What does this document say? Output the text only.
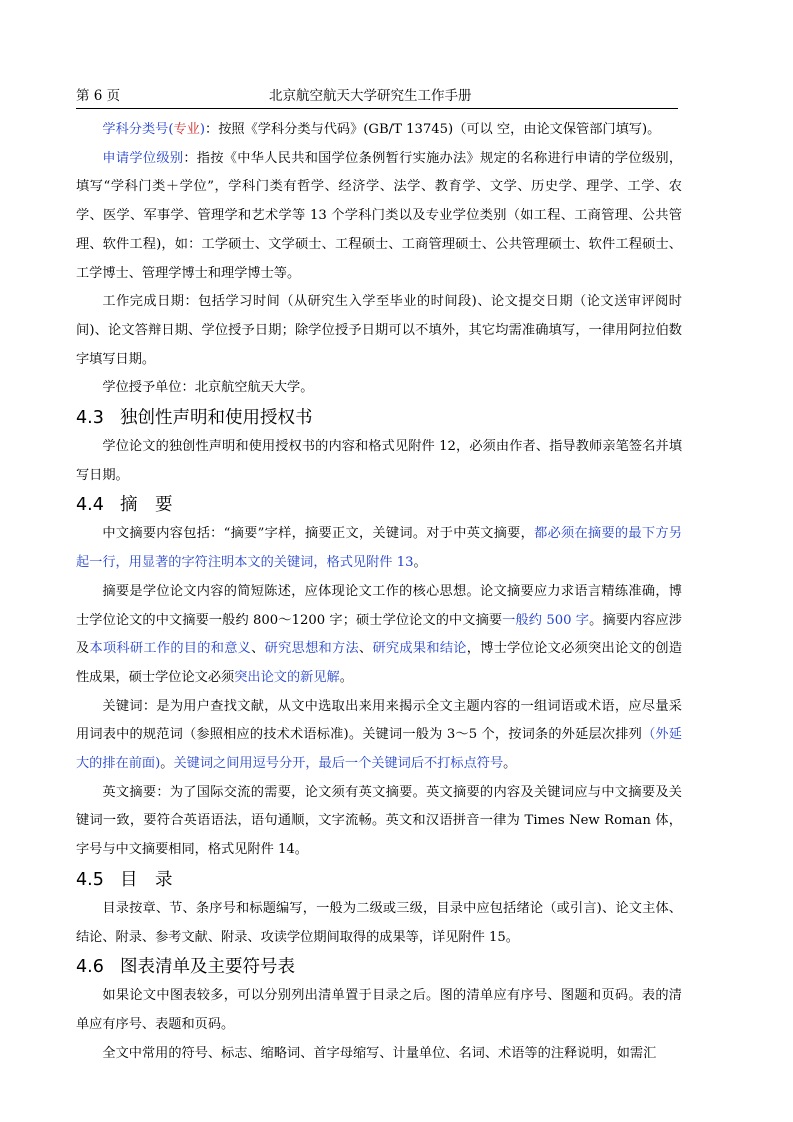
第 6 页	北京航空航天大学研究生工作手册

学科分类号(专业)：按照《学科分类与代码》(GB/T 13745)（可以 空，由论文保管部门填写)。

申请学位级别：指按《中华人民共和国学位条例暂行实施办法》规定的名称进行申请的学位级别，填写“学科门类＋学位”，学科门类有哲学、经济学、法学、教育学、文学、历史学、理学、工学、农学、医学、军事学、管理学和艺术学等 13 个学科门类以及专业学位类别（如工程、工商管理、公共管理、软件工程)，如：工学硕士、文学硕士、工程硕士、工商管理硕士、公共管理硕士、软件工程硕士、工学博士、管理学博士和理学博士等。

工作完成日期：包括学习时间（从研究生入学至毕业的时间段)、论文提交日期（论文送审评阅时间)、论文答辩日期、学位授予日期；除学位授予日期可以不填外，其它均需准确填写，一律用阿拉伯数字填写日期。

学位授予单位：北京航空航天大学。

4.3 独创性声明和使用授权书

学位论文的独创性声明和使用授权书的内容和格式见附件 12，必须由作者、指导教师亲笔签名并填写日期。

4.4 摘　要

中文摘要内容包括：“摘要”字样，摘要正文，关键词。对于中英文摘要，都必须在摘要的最下方另起一行，用显著的字符注明本文的关键词，格式见附件 13。

摘要是学位论文内容的简短陈述，应体现论文工作的核心思想。论文摘要应力求语言精练准确，博士学位论文的中文摘要一般约 800～1200 字；硕士学位论文的中文摘要一般约 500 字。摘要内容应涉及本项科研工作的目的和意义、研究思想和方法、研究成果和结论，博士学位论文必须突出论文的创造性成果，硕士学位论文必须突出论文的新见解。

关键词：是为用户查找文献，从文中选取出来用来揭示全文主题内容的一组词语或术语，应尽量采用词表中的规范词（参照相应的技术术语标准)。关键词一般为 3～5 个，按词条的外延层次排列（外延大的排在前面)。关键词之间用逗号分开，最后一个关键词后不打标点符号。

英文摘要：为了国际交流的需要，论文须有英文摘要。英文摘要的内容及关键词应与中文摘要及关键词一致，要符合英语语法，语句通顺，文字流畅。英文和汉语拼音一律为 Times New Roman 体，字号与中文摘要相同，格式见附件 14。

4.5 目　录

目录按章、节、条序号和标题编写，一般为二级或三级，目录中应包括绪论（或引言)、论文主体、结论、附录、参考文献、附录、攻读学位期间取得的成果等，详见附件 15。

4.6 图表清单及主要符号表

如果论文中图表较多，可以分别列出清单置于目录之后。图的清单应有序号、图题和页码。表的清单应有序号、表题和页码。

全文中常用的符号、标志、缩略词、首字母缩写、计量单位、名词、术语等的注释说明，如需汇
